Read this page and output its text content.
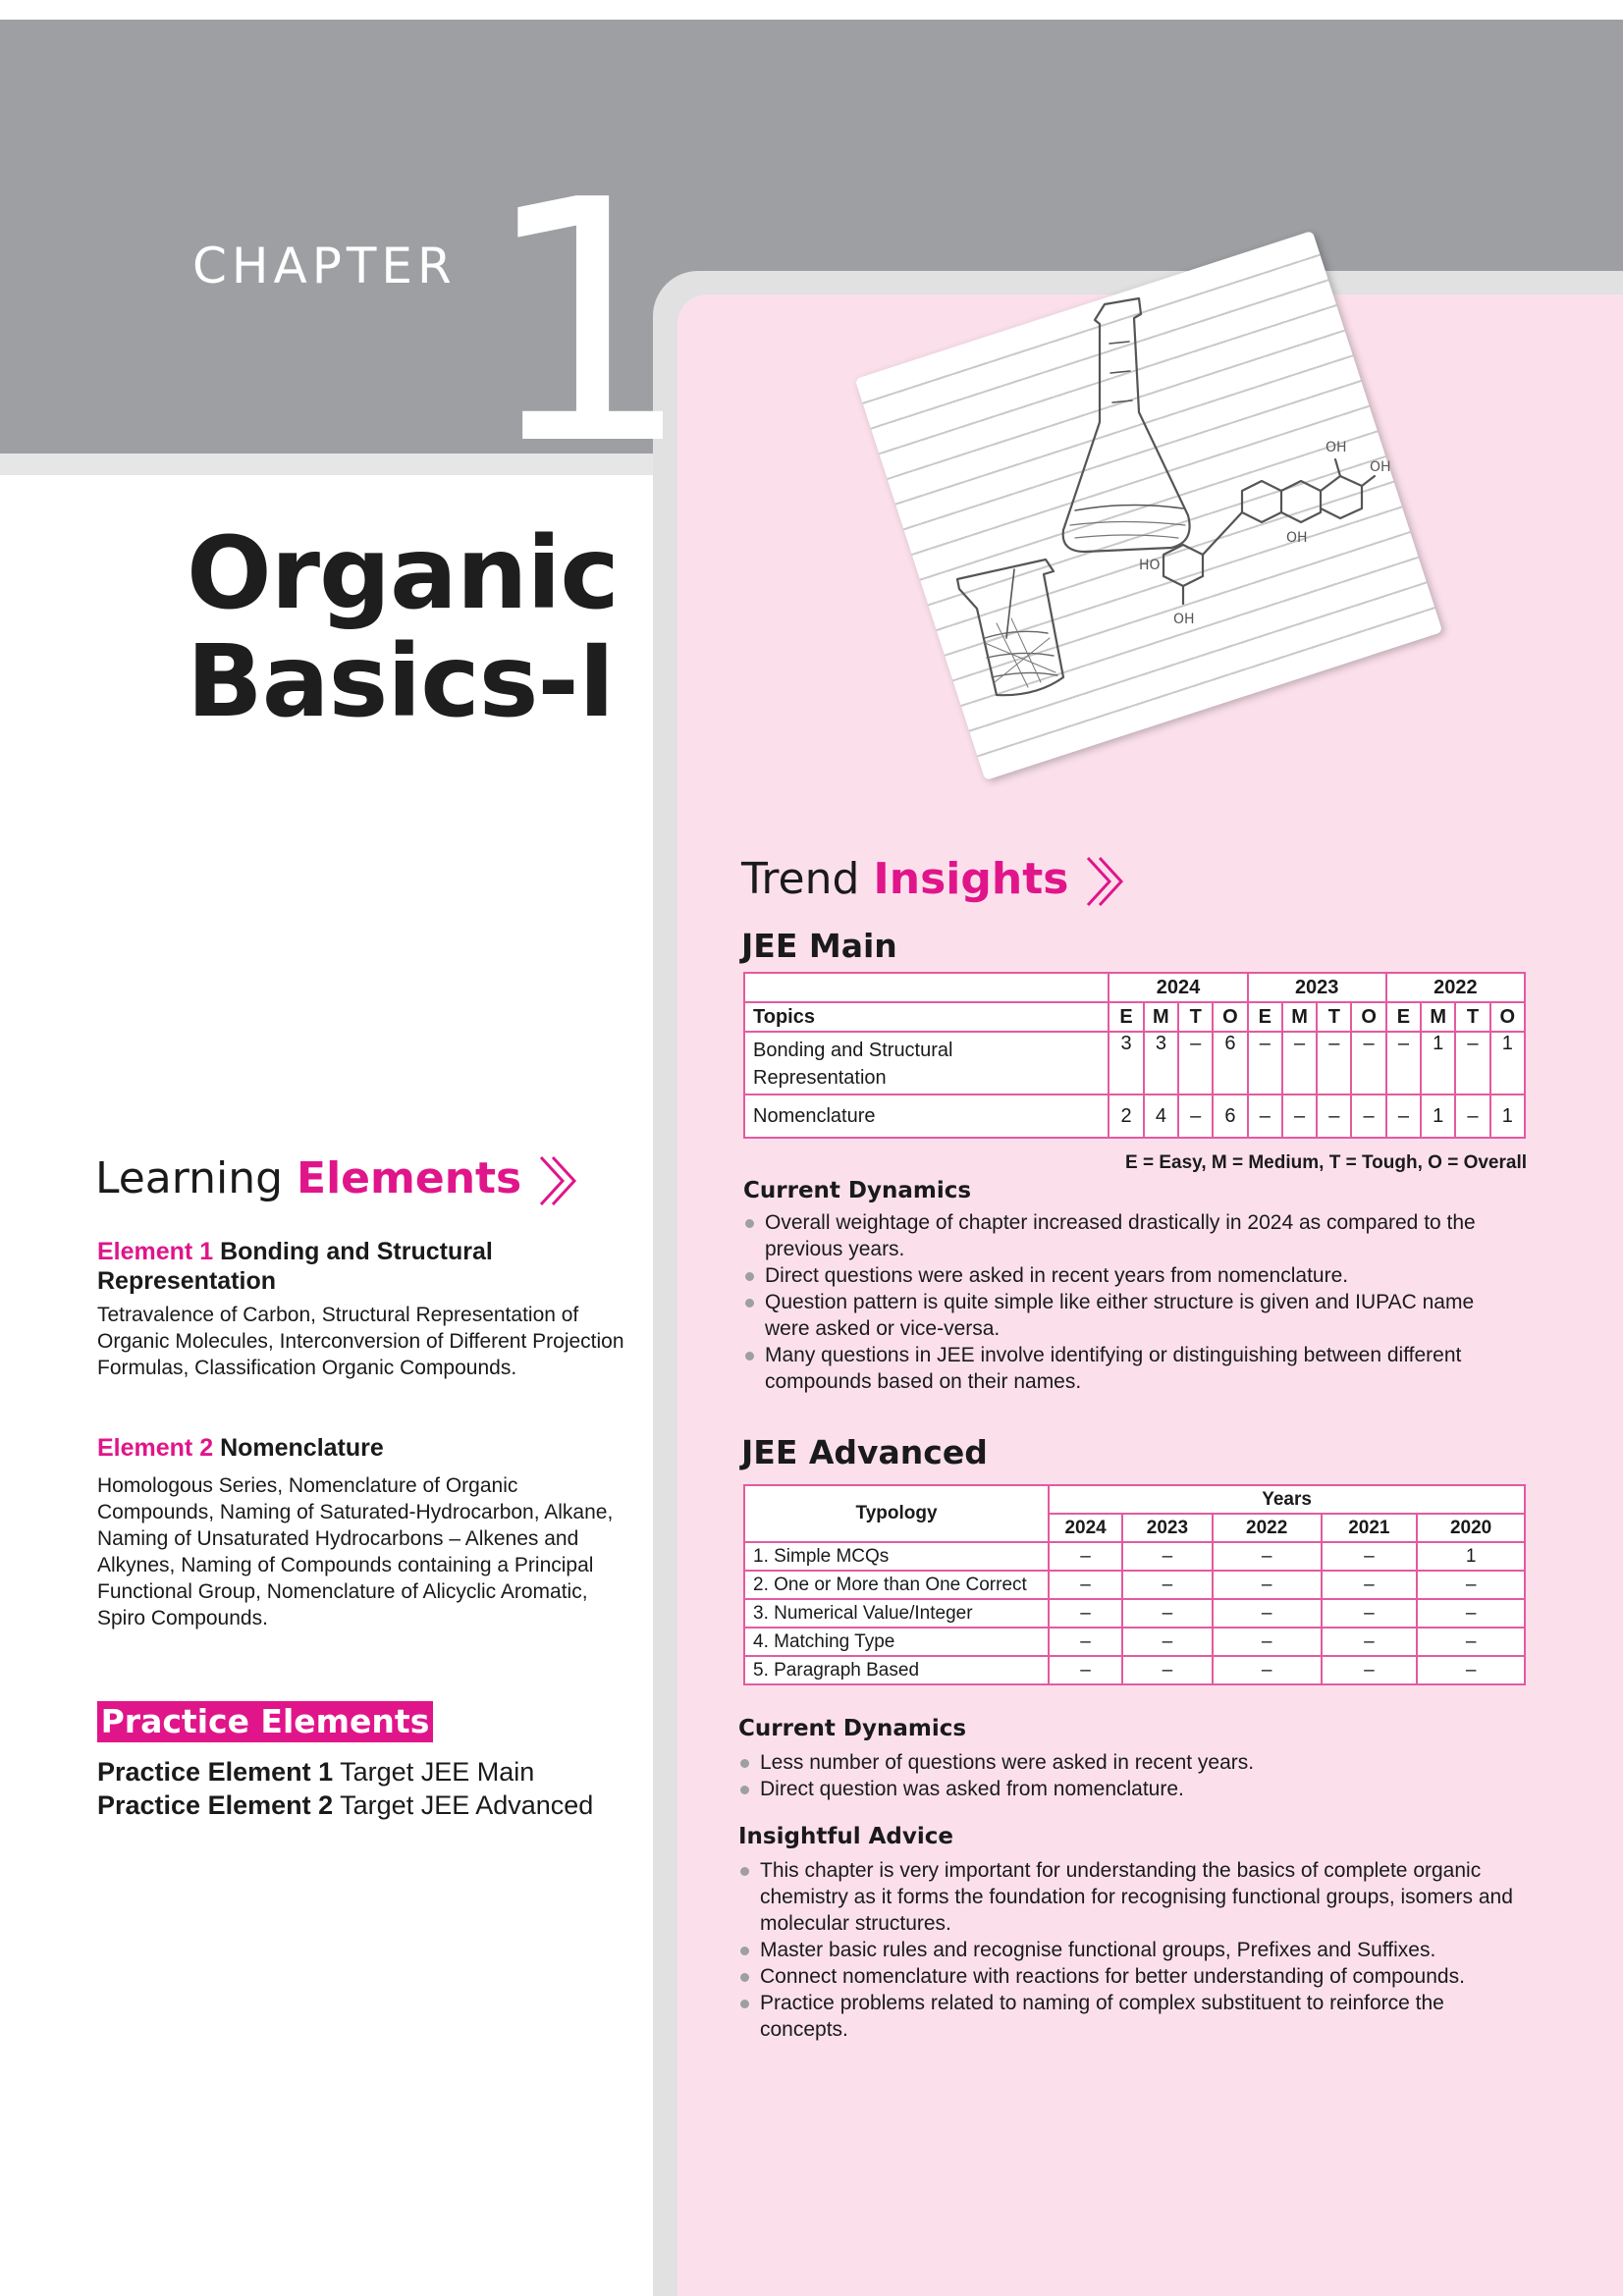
CHAPTER 1
Organic
Basics-I
OH
OH
HO
OH
OH
Trend Insights
JEE Main
	2024				2023				2022			
Topics	E	M	T	O	E	M	T	O	E	M	T	O
Bonding and Structural Representation	3	3	–	6	–	–	–	–	–	1	–	1
Nomenclature	2	4	–	6	–	–	–	–	–	1	–	1
E = Easy, M = Medium, T = Tough, O = Overall
Current Dynamics
Overall weightage of chapter increased drastically in 2024 as compared to the previous years.
Direct questions were asked in recent years from nomenclature.
Question pattern is quite simple like either structure is given and IUPAC name were asked or vice-versa.
Many questions in JEE involve identifying or distinguishing between different compounds based on their names.
JEE Advanced
Typology	Years				
	2024	2023	2022	2021	2020
1. Simple MCQs	–	–	–	–	1
2. One or More than One Correct	–	–	–	–	–
3. Numerical Value/Integer	–	–	–	–	–
4. Matching Type	–	–	–	–	–
5. Paragraph Based	–	–	–	–	–
Current Dynamics
Less number of questions were asked in recent years.
Direct question was asked from nomenclature.
Insightful Advice
This chapter is very important for understanding the basics of complete organic chemistry as it forms the foundation for recognising functional groups, isomers and molecular structures.
Master basic rules and recognise functional groups, Prefixes and Suffixes.
Connect nomenclature with reactions for better understanding of compounds.
Practice problems related to naming of complex substituent to reinforce the concepts.
Learning Elements
Element 1 Bonding and Structural Representation
Tetravalence of Carbon, Structural Representation of Organic Molecules, Interconversion of Different Projection Formulas, Classification Organic Compounds.
Element 2 Nomenclature
Homologous Series, Nomenclature of Organic Compounds, Naming of Saturated-Hydrocarbon, Alkane, Naming of Unsaturated Hydrocarbons – Alkenes and Alkynes, Naming of Compounds containing a Principal Functional Group, Nomenclature of Alicyclic Aromatic, Spiro Compounds.
Practice Elements
Practice Element 1 Target JEE Main
Practice Element 2 Target JEE Advanced
